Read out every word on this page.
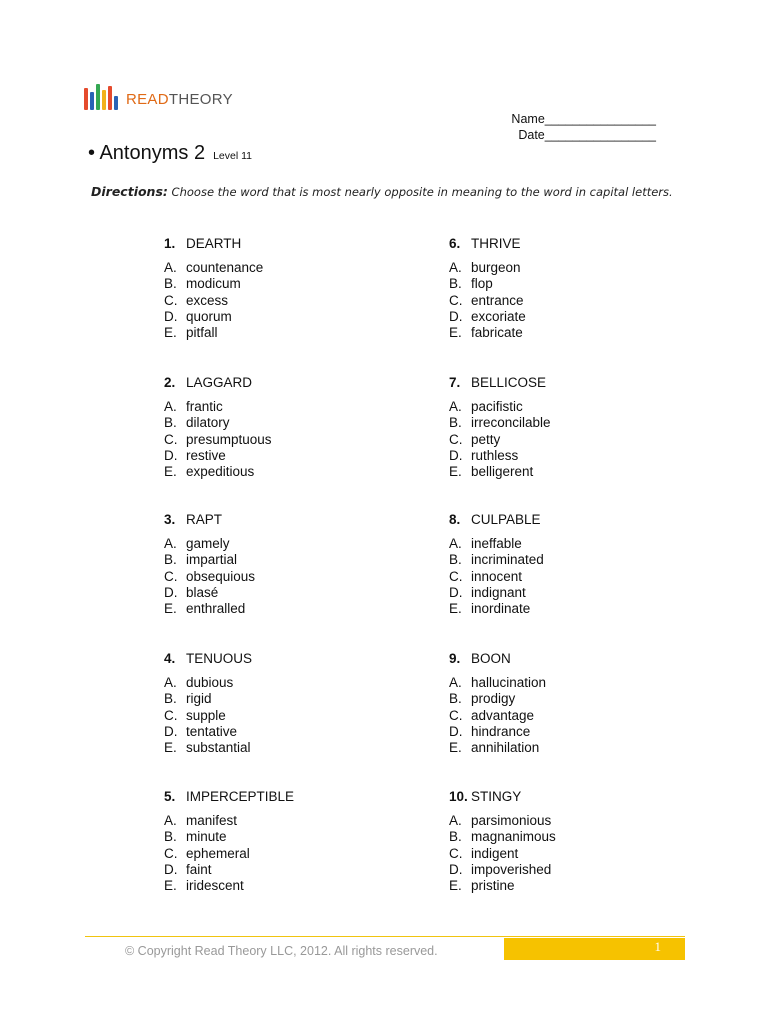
READTHEORY
Name________________
Date________________
• Antonyms 2 Level 11
Directions: Choose the word that is most nearly opposite in meaning to the word in capital letters.
1. DEARTH
A. countenance
B. modicum
C. excess
D. quorum
E. pitfall
2. LAGGARD
A. frantic
B. dilatory
C. presumptuous
D. restive
E. expeditious
3. RAPT
A. gamely
B. impartial
C. obsequious
D. blasé
E. enthralled
4. TENUOUS
A. dubious
B. rigid
C. supple
D. tentative
E. substantial
5. IMPERCEPTIBLE
A. manifest
B. minute
C. ephemeral
D. faint
E. iridescent
6. THRIVE
A. burgeon
B. flop
C. entrance
D. excoriate
E. fabricate
7. BELLICOSE
A. pacifistic
B. irreconcilable
C. petty
D. ruthless
E. belligerent
8. CULPABLE
A. ineffable
B. incriminated
C. innocent
D. indignant
E. inordinate
9. BOON
A. hallucination
B. prodigy
C. advantage
D. hindrance
E. annihilation
10. STINGY
A. parsimonious
B. magnanimous
C. indigent
D. impoverished
E. pristine
© Copyright Read Theory LLC, 2012. All rights reserved.	1
